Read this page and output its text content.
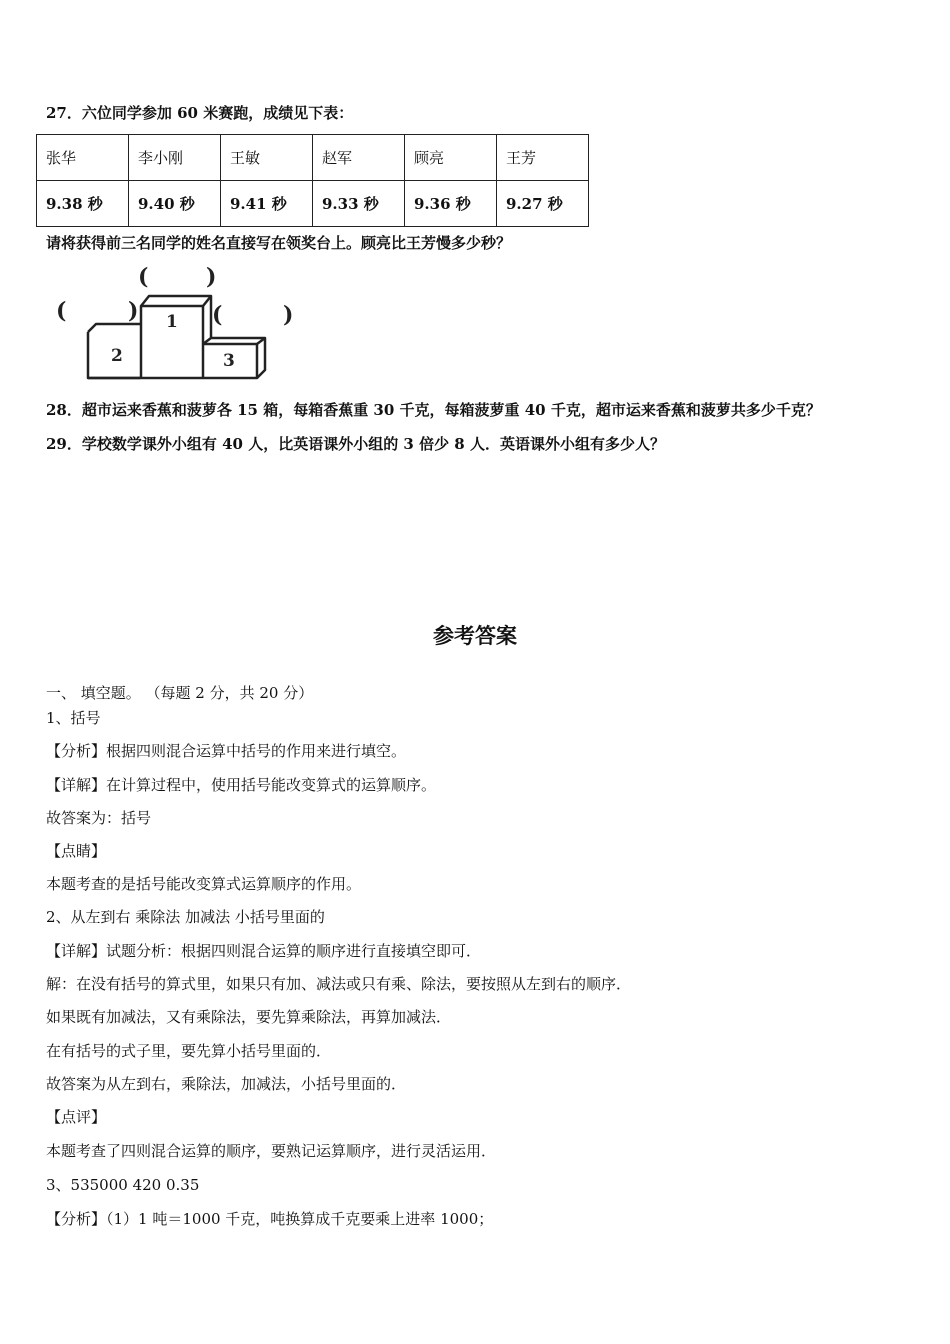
27．六位同学参加 60 米赛跑，成绩见下表：
张华	李小刚	王敏	赵军	顾亮	王芳
9.38 秒	9.40 秒	9.41 秒	9.33 秒	9.36 秒	9.27 秒
请将获得前三名同学的姓名直接写在领奖台上。顾亮比王芳慢多少秒？
1
2	3
(	)
(	)	(	)
28．超市运来香蕉和菠萝各 15 箱，每箱香蕉重 30 千克，每箱菠萝重 40 千克，超市运来香蕉和菠萝共多少千克？
29．学校数学课外小组有 40 人，比英语课外小组的 3 倍少 8 人．英语课外小组有多少人？
参考答案
一、 填空题。 （每题 2 分，共 20 分）
1、括号
【分析】根据四则混合运算中括号的作用来进行填空。
【详解】在计算过程中，使用括号能改变算式的运算顺序。
故答案为：括号
【点睛】
本题考查的是括号能改变算式运算顺序的作用。
2、从左到右 乘除法 加减法 小括号里面的
【详解】试题分析：根据四则混合运算的顺序进行直接填空即可．
解：在没有括号的算式里，如果只有加、减法或只有乘、除法，要按照从左到右的顺序．
如果既有加减法，又有乘除法，要先算乘除法，再算加减法．
在有括号的式子里，要先算小括号里面的．
故答案为从左到右，乘除法，加减法，小括号里面的．
【点评】
本题考查了四则混合运算的顺序，要熟记运算顺序，进行灵活运用．
3、535000 420 0.35
【分析】（1）1 吨＝1000 千克，吨换算成千克要乘上进率 1000；
